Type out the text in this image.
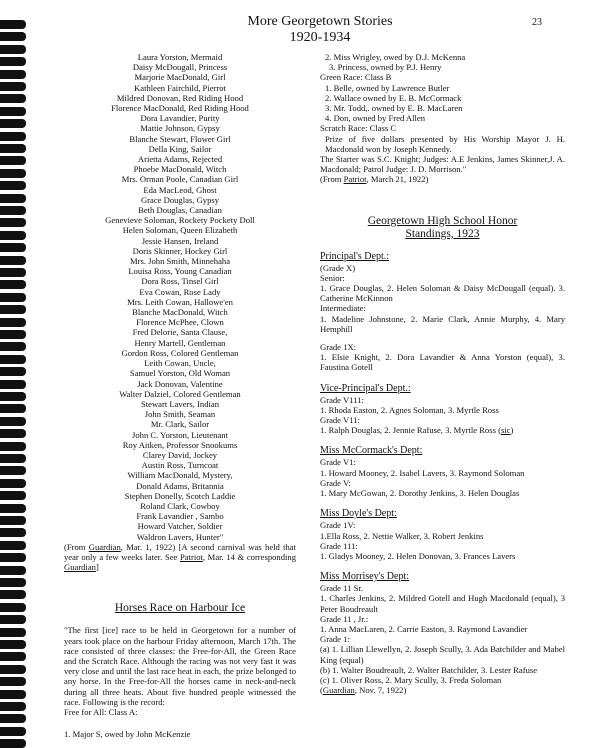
23
More Georgetown Stories
1920-1934
Laura Yorston, Mermaid
Daisy McDougall, Princess
Marjorie MacDonald, Girl
Kathleen Fairchild, Pierrot
Mildred Donovan, Red Riding Hood
Florence MacDonald, Red Riding Hood
Dora Lavandier, Purity
Mattie Johnson, Gypsy
Blanche Stewart, Flower Girl
Della King, Sailor
Arietta Adams, Rejected
Phoebe MacDonald, Witch
Mrs. Orman Poole, Canadian Girl
Eda MacLeod, Ghost
Grace Douglas, Gypsy
Beth Douglas, Canadian
Genevieve Soloman, Rockety Pockety Doll
Helen Soloman, Queen Elizabeth
Jessie Hansen, Ireland
Doris Skinner, Hockey Girl
Mrs. John Smith, Minnehaha
Louisa Ross, Young Canadian
Dora Ross, Tinsel Girl
Eva Cowan, Rose Lady
Mrs. Leith Cowan, Hallowe'en
Blanche MacDonald, Witch
Florence McPhee, Clown
Fred Delorie, Santa Clause,
Henry Martell, Gentleman
Gordon Ross, Colored Gentleman
Leith Cowan, Uncle,
Samuel Yorston, Old Woman
Jack Donovan, Valentine
Walter Dalziel, Colored Gentleman
Stewart Lavers, Indian
John Smith, Seaman
Mr. Clark, Sailor
John C. Yorston, Lieutenant
Roy Aitken, Professor Snookums
Clarey David, Jockey
Austin Ross, Turncoat
William MacDonald, Mystery,
Donald Adams, Britannia
Stephen Donelly, Scotch Laddie
Roland Clark, Cowboy
Frank Lavandier , Sambo
Howard Vatcher, Soldier
Waldron Lavers, Hunter"
(From Guardian, Mar. 1, 1922) [A second carnival was held that year only a few weeks later. See Patriot, Mar. 14 & corresponding Guardian]
Horses Race on Harbour Ice
"The first [ice] race to be held in Georgetown for a number of years took place on the harbour Friday afternoon, March 17th. The race consisted of three classes: the Free-for-All, the Green Race and the Scratch Race. Although the racing was not very fast it was very close and until the last race heat in each, the prize belonged to any horse. In the Free-for-All the horses came in neck-and-neck during all three heats. About five hundred people witnessed the race. Following is the record:
Free for All: Class A:
1. Major S, owed by John McKenzie
2. Miss Wrigley, owed by D.J. McKenna
3. Princess, owned by P.J. Henry
Green Race: Class B
1. Belle, owned by Lawrence Butler
2. Wallace owned by E. B. McCormack
3. Mr. Todd,. owned by E. B. MacLaren
4. Don, owned by Fred Allen
Scratch Race: Class C
Prize of five dollars presented by His Worship Mayor J. H. Macdonald won by Joseph Kennedy.
The Starter was S.C. Knight; Judges: A.E Jenkins, James Skinner,J. A. Macdonald; Patrol Judge: J. D. Morrison."
(From Patriot, March 21, 1922)
Georgetown High School Honor
Standings, 1923
Principal's Dept.:
(Grade X)
Senior:
1. Grace Douglas, 2. Helen Soloman & Daisy McDougall (equal). 3. Catherine McKinnon
Intermediate:
1. Madeline Johnstone, 2. Marie Clark, Annie Murphy, 4. Mary Hemphill
Grade 1X:
1. Elsie Knight, 2. Dora Lavandier & Anna Yorston (equal), 3. Faustina Gotell
Vice-Principal's Dept.:
Grade V111:
1. Rhoda Easton, 2. Agnes Soloman, 3. Myrtle Ross
Grade V11:
1. Ralph Douglas, 2. Jennie Rafuse, 3. Myrtle Ross (sic)
Miss McCormack's Dept:
Grade V1:
1. Howard Mooney, 2. Isabel Lavers, 3. Raymond Soloman
Grade V:
1. Mary McGowan, 2. Dorothy Jenkins, 3. Helen Douglas
Miss Doyle's Dept:
Grade 1V:
1.Ella Ross, 2. Nettie Walker, 3. Robert Jenkins
Grade 111:
1. Gladys Mooney, 2. Helen Donovan, 3. Frances Lavers
Miss Morrisey's Dept:
Grade 11 Sr.
1. Charles Jenkins, 2. Mildred Gotell and Hugh Macdonald (equal), 3 Peter Boudreault
Grade 11 , Jr.:
1. Anna MacLaren, 2. Carrie Easton, 3. Raymond Lavandier
Grade 1:
(a) 1. Lillian Llewellyn, 2. Joseph Scully, 3. Ada Batchilder and Mabel King (equal)
(b) 1. Walter Boudreault, 2. Walter Batchilder, 3. Lester Rafuse
(c) 1. Oliver Ross, 2. Mary Scully, 3. Freda Soloman
(Guardian, Nov. 7, 1922)
